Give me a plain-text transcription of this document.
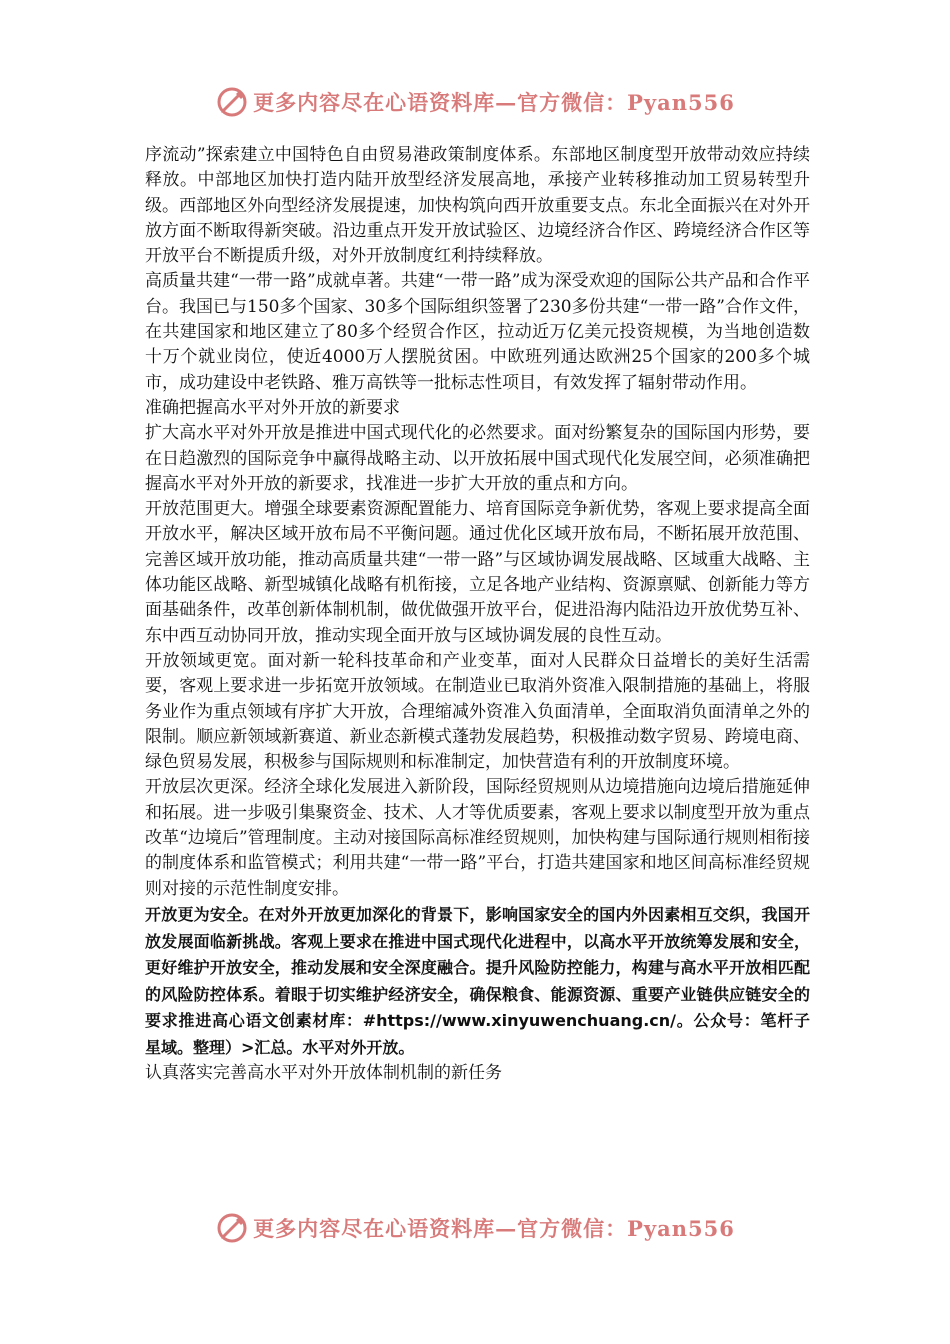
更多内容尽在心语资料库—官方微信：Pyan556

序流动”探索建立中国特色自由贸易港政策制度体系。东部地区制度型开放带动效应持续释放。中部地区加快打造内陆开放型经济发展高地，承接产业转移推动加工贸易转型升级。西部地区外向型经济发展提速，加快构筑向西开放重要支点。东北全面振兴在对外开放方面不断取得新突破。沿边重点开发开放试验区、边境经济合作区、跨境经济合作区等开放平台不断提质升级，对外开放制度红利持续释放。

高质量共建“一带一路”成就卓著。共建“一带一路”成为深受欢迎的国际公共产品和合作平台。我国已与150多个国家、30多个国际组织签署了230多份共建“一带一路”合作文件，在共建国家和地区建立了80多个经贸合作区，拉动近万亿美元投资规模，为当地创造数十万个就业岗位，使近4000万人摆脱贫困。中欧班列通达欧洲25个国家的200多个城市，成功建设中老铁路、雅万高铁等一批标志性项目，有效发挥了辐射带动作用。

准确把握高水平对外开放的新要求

扩大高水平对外开放是推进中国式现代化的必然要求。面对纷繁复杂的国际国内形势，要在日趋激烈的国际竞争中赢得战略主动、以开放拓展中国式现代化发展空间，必须准确把握高水平对外开放的新要求，找准进一步扩大开放的重点和方向。

开放范围更大。增强全球要素资源配置能力、培育国际竞争新优势，客观上要求提高全面开放水平，解决区域开放布局不平衡问题。通过优化区域开放布局，不断拓展开放范围、完善区域开放功能，推动高质量共建“一带一路”与区域协调发展战略、区域重大战略、主体功能区战略、新型城镇化战略有机衔接，立足各地产业结构、资源禀赋、创新能力等方面基础条件，改革创新体制机制，做优做强开放平台，促进沿海内陆沿边开放优势互补、东中西互动协同开放，推动实现全面开放与区域协调发展的良性互动。

开放领域更宽。面对新一轮科技革命和产业变革，面对人民群众日益增长的美好生活需要，客观上要求进一步拓宽开放领域。在制造业已取消外资准入限制措施的基础上，将服务业作为重点领域有序扩大开放，合理缩减外资准入负面清单，全面取消负面清单之外的限制。顺应新领域新赛道、新业态新模式蓬勃发展趋势，积极推动数字贸易、跨境电商、绿色贸易发展，积极参与国际规则和标准制定，加快营造有利的开放制度环境。

开放层次更深。经济全球化发展进入新阶段，国际经贸规则从边境措施向边境后措施延伸和拓展。进一步吸引集聚资金、技术、人才等优质要素，客观上要求以制度型开放为重点改革“边境后”管理制度。主动对接国际高标准经贸规则，加快构建与国际通行规则相衔接的制度体系和监管模式；利用共建“一带一路”平台，打造共建国家和地区间高标准经贸规则对接的示范性制度安排。

开放更为安全。在对外开放更加深化的背景下，影响国家安全的国内外因素相互交织，我国开放发展面临新挑战。客观上要求在推进中国式现代化进程中，以高水平开放统筹发展和安全，更好维护开放安全，推动发展和安全深度融合。提升风险防控能力，构建与高水平开放相匹配的风险防控体系。着眼于切实维护经济安全，确保粮食、能源资源、重要产业链供应链安全的要求推进高心语文创素材库：#https://www.xinyuwenchuang.cn/。公众号：笔杆子星域。整理）>汇总。水平对外开放。

认真落实完善高水平对外开放体制机制的新任务

更多内容尽在心语资料库—官方微信：Pyan556
